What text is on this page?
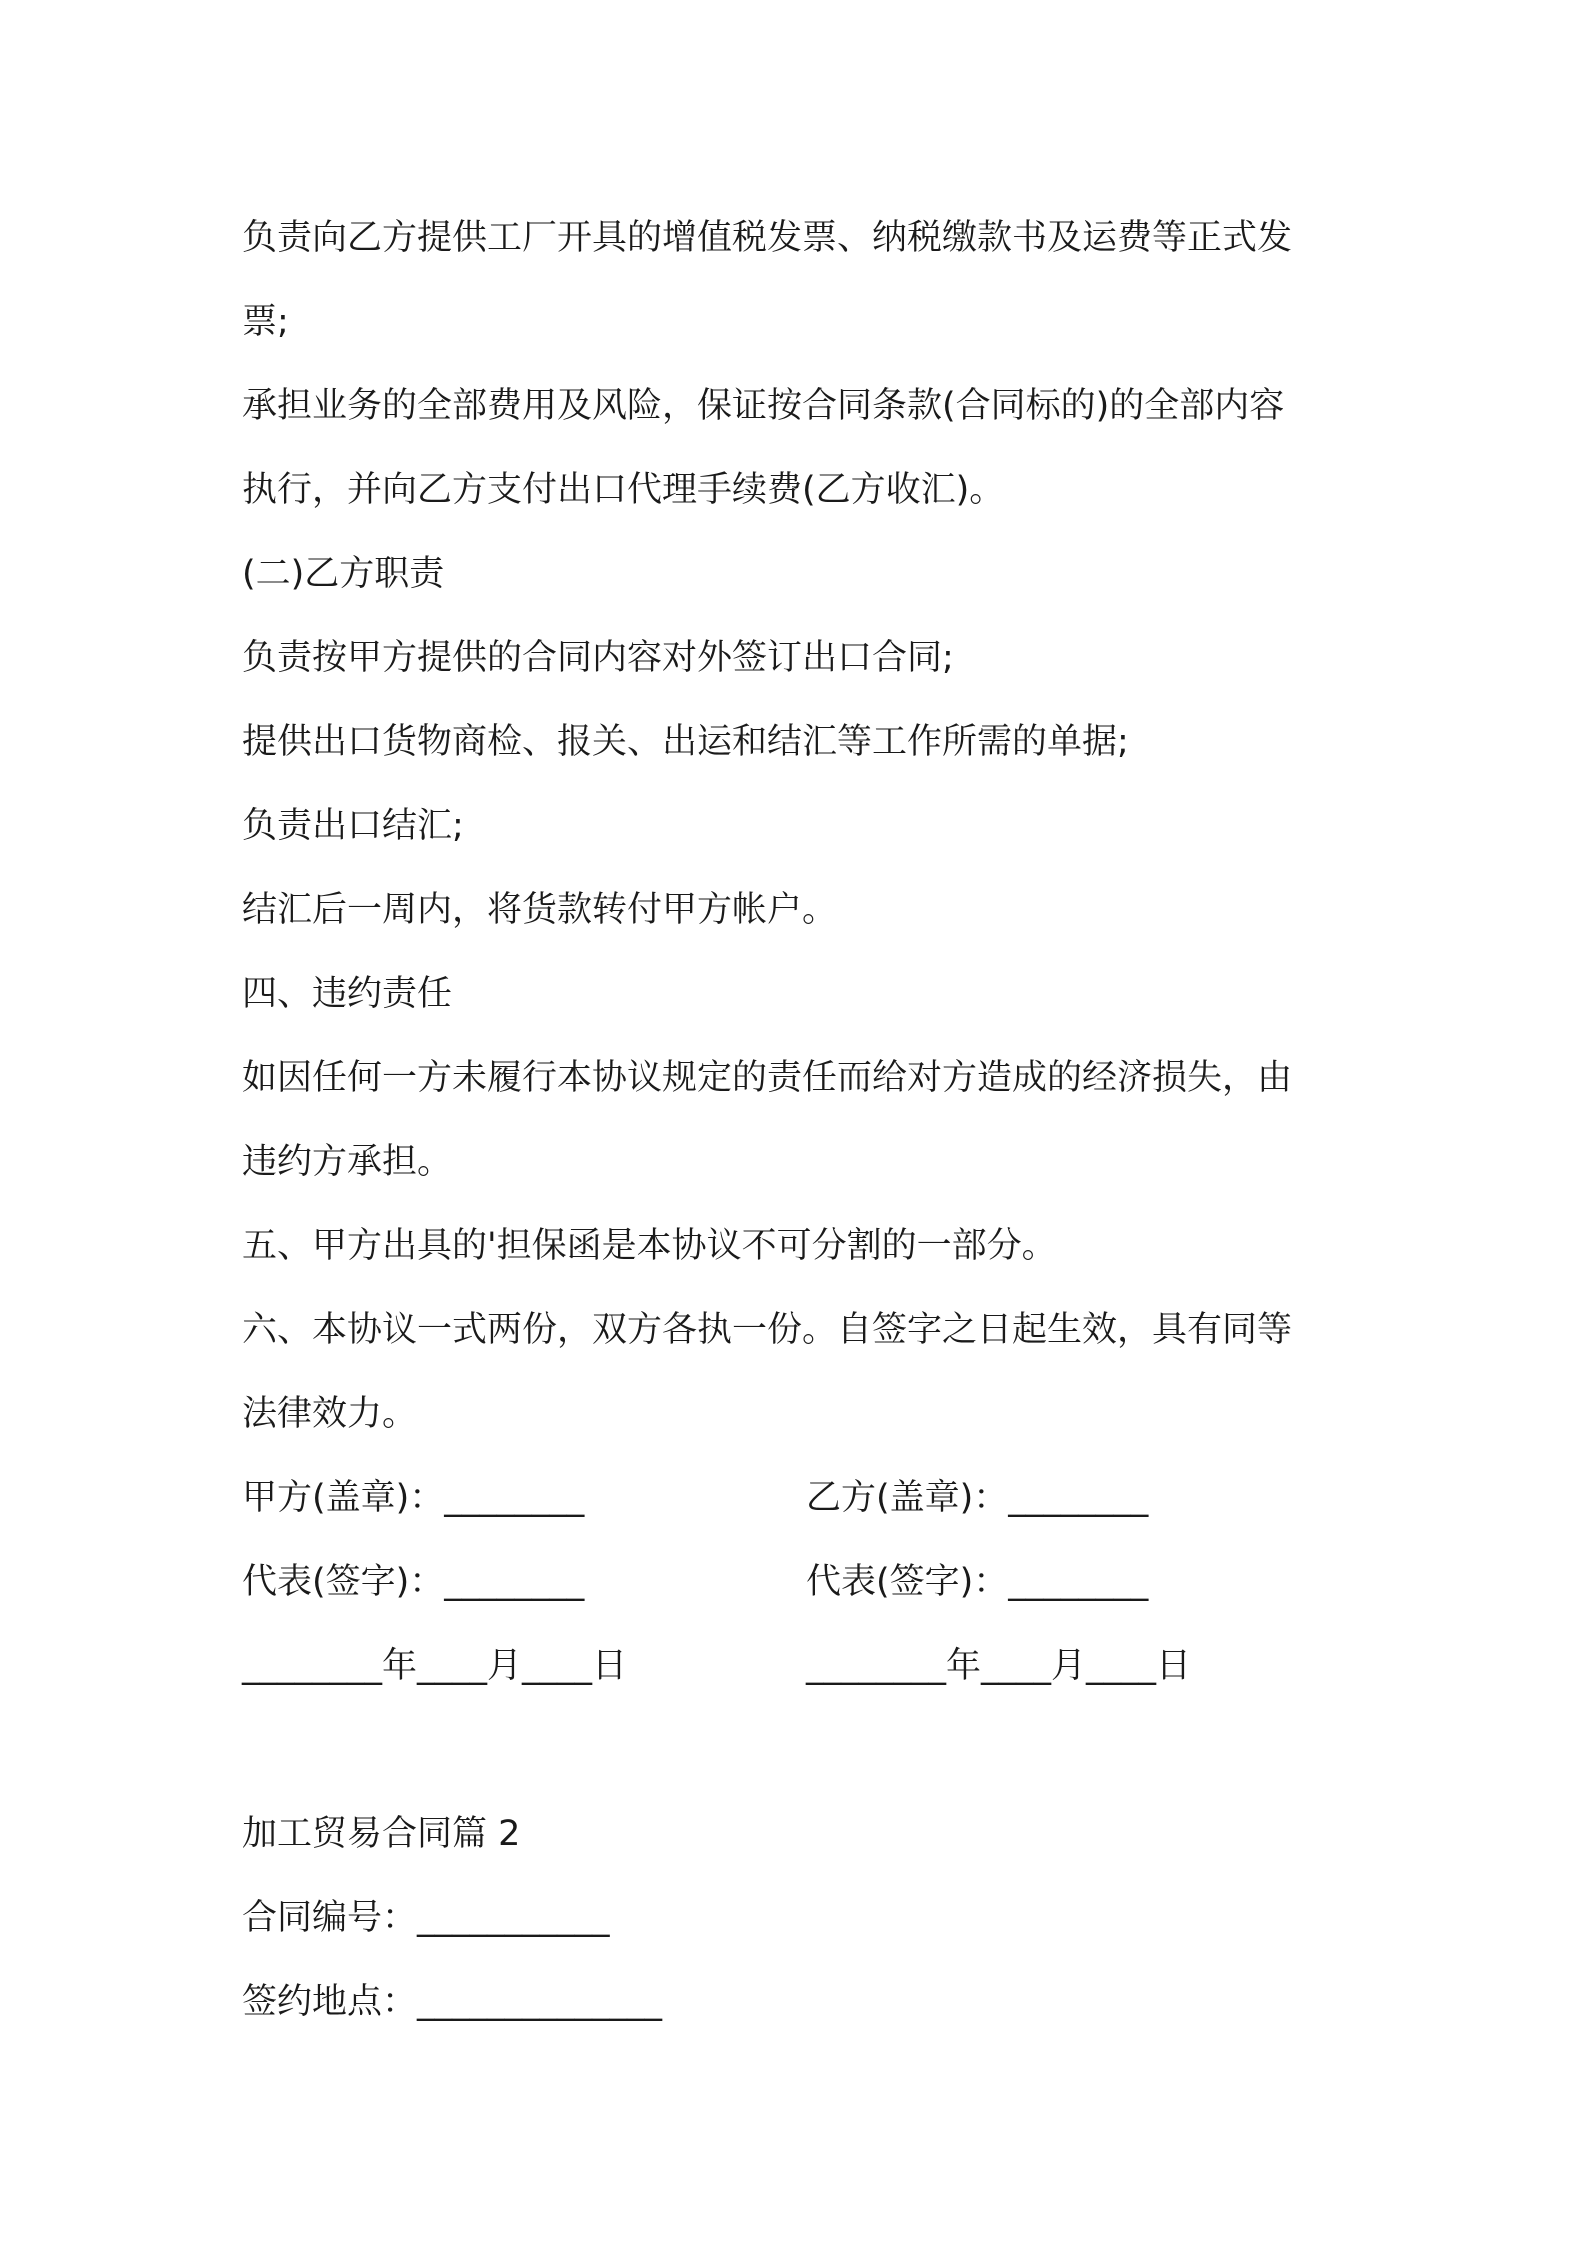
负责向乙方提供工厂开具的增值税发票、纳税缴款书及运费等正式发
票;
承担业务的全部费用及风险，保证按合同条款(合同标的)的全部内容
执行，并向乙方支付出口代理手续费(乙方收汇)。
(二)乙方职责
负责按甲方提供的合同内容对外签订出口合同;
提供出口货物商检、报关、出运和结汇等工作所需的单据;
负责出口结汇;
结汇后一周内，将货款转付甲方帐户。
四、违约责任
如因任何一方未履行本协议规定的责任而给对方造成的经济损失，由
违约方承担。
五、甲方出具的'担保函是本协议不可分割的一部分。
六、本协议一式两份，双方各执一份。自签字之日起生效，具有同等
法律效力。
甲方(盖章)：________	乙方(盖章)：________
代表(签字)：________	代表(签字)：________
________年____月____日	________年____月____日
加工贸易合同篇 2
合同编号：___________
签约地点：______________
